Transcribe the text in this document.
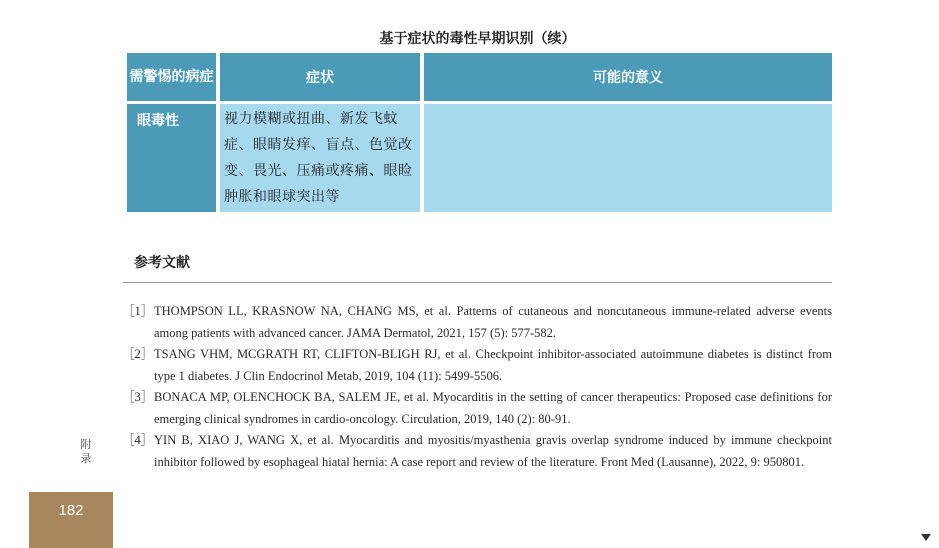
基于症状的毒性早期识别（续）
需警惕的病症	症状	可能的意义
眼毒性	视力模糊或扭曲、新发飞蚊症、眼睛发痒、盲点、色觉改变、畏光、压痛或疼痛、眼睑肿胀和眼球突出等	
参考文献
［1］ THOMPSON LL, KRASNOW NA, CHANG MS, et al. Patterns of cutaneous and noncutaneous immune-related adverse events among patients with advanced cancer. JAMA Dermatol, 2021, 157 (5): 577-582.
［2］ TSANG VHM, MCGRATH RT, CLIFTON-BLIGH RJ, et al. Checkpoint inhibitor-associated autoimmune diabetes is distinct from type 1 diabetes. J Clin Endocrinol Metab, 2019, 104 (11): 5499-5506.
［3］ BONACA MP, OLENCHOCK BA, SALEM JE, et al. Myocarditis in the setting of cancer therapeutics: Proposed case definitions for emerging clinical syndromes in cardio-oncology. Circulation, 2019, 140 (2): 80-91.
［4］ YIN B, XIAO J, WANG X, et al. Myocarditis and myositis/myasthenia gravis overlap syndrome induced by immune checkpoint inhibitor followed by esophageal hiatal hernia: A case report and review of the literature. Front Med (Lausanne), 2022, 9: 950801.
附
录
182
